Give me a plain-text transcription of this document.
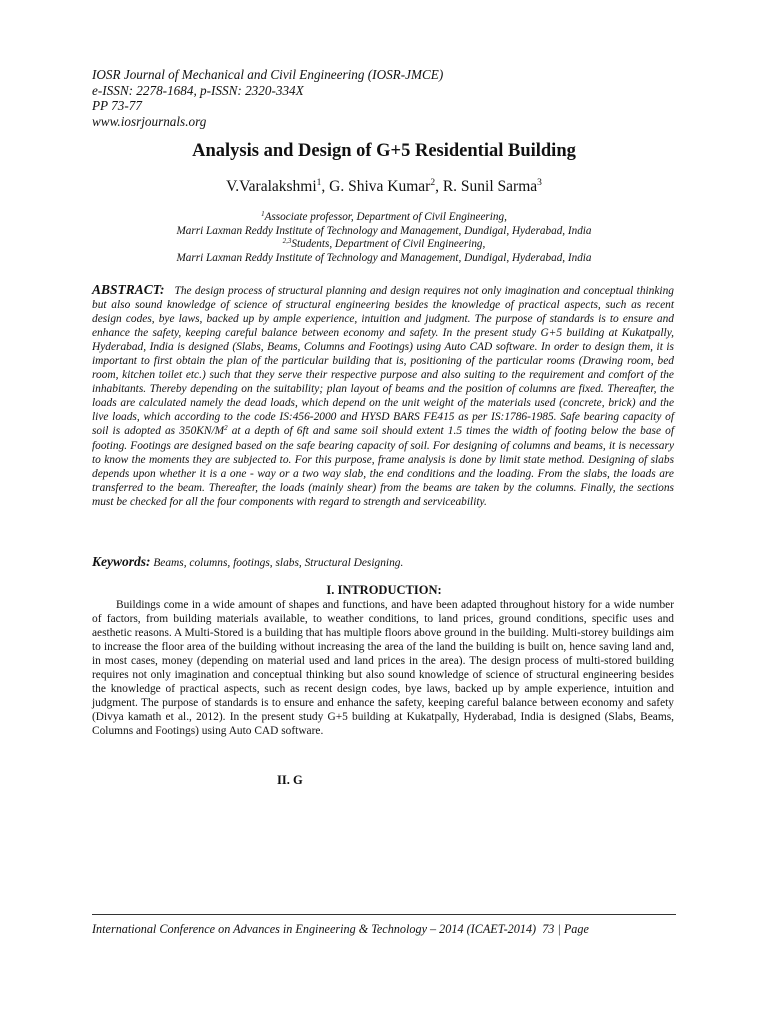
IOSR Journal of Mechanical and Civil Engineering (IOSR-JMCE)
e-ISSN: 2278-1684, p-ISSN: 2320-334X
PP 73-77
www.iosrjournals.org
Analysis and Design of G+5 Residential Building
V.Varalakshmi$^1$, G. Shiva Kumar$^2$, R. Sunil Sarma$^3$
$^1$Associate professor, Department of Civil Engineering,
Marri Laxman Reddy Institute of Technology and Management, Dundigal, Hyderabad, India
$^{2,3}$Students, Department of Civil Engineering,
Marri Laxman Reddy Institute of Technology and Management, Dundigal, Hyderabad, India
ABSTRACT: The design process of structural planning and design requires not only imagination and conceptual thinking but also sound knowledge of science of structural engineering besides the knowledge of practical aspects, such as recent design codes, bye laws, backed up by ample experience, intuition and judgment. The purpose of standards is to ensure and enhance the safety, keeping careful balance between economy and safety. In the present study G+5 building at Kukatpally, Hyderabad, India is designed (Slabs, Beams, Columns and Footings) using Auto CAD software. In order to design them, it is important to first obtain the plan of the particular building that is, positioning of the particular rooms (Drawing room, bed room, kitchen toilet etc.) such that they serve their respective purpose and also suiting to the requirement and comfort of the inhabitants. Thereby depending on the suitability; plan layout of beams and the position of columns are fixed. Thereafter, the loads are calculated namely the dead loads, which depend on the unit weight of the materials used (concrete, brick) and the live loads, which according to the code IS:456-2000 and HYSD BARS FE415 as per IS:1786-1985. Safe bearing capacity of soil is adopted as $350KN/M^2$ at a depth of 6ft and same soil should extent 1.5 times the width of footing below the base of footing. Footings are designed based on the safe bearing capacity of soil. For designing of columns and beams, it is necessary to know the moments they are subjected to. For this purpose, frame analysis is done by limit state method. Designing of slabs depends upon whether it is a one - way or a two way slab, the end conditions and the loading. From the slabs, the loads are transferred to the beam. Thereafter, the loads (mainly shear) from the beams are taken by the columns. Finally, the sections must be checked for all the four components with regard to strength and serviceability.
Keywords: Beams, columns, footings, slabs, Structural Designing.
I. INTRODUCTION:
Buildings come in a wide amount of shapes and functions, and have been adapted throughout history for a wide number of factors, from building materials available, to weather conditions, to land prices, ground conditions, specific uses and aesthetic reasons. A Multi-Stored is a building that has multiple floors above ground in the building. Multi-storey buildings aim to increase the floor area of the building without increasing the area of the land the building is built on, hence saving land and, in most cases, money (depending on material used and land prices in the area). The design process of multi-stored building requires not only imagination and conceptual thinking but also sound knowledge of science of structural engineering besides the knowledge of practical aspects, such as recent design codes, bye laws, backed up by ample experience, intuition and judgment. The purpose of standards is to ensure and enhance the safety, keeping careful balance between economy and safety (Divya kamath et al., 2012). In the present study G+5 building at Kukatpally, Hyderabad, India is designed (Slabs, Beams, Columns and Footings) using Auto CAD software.
II. G
International Conference on Advances in Engineering & Technology – 2014 (ICAET-2014) 73 | Page
